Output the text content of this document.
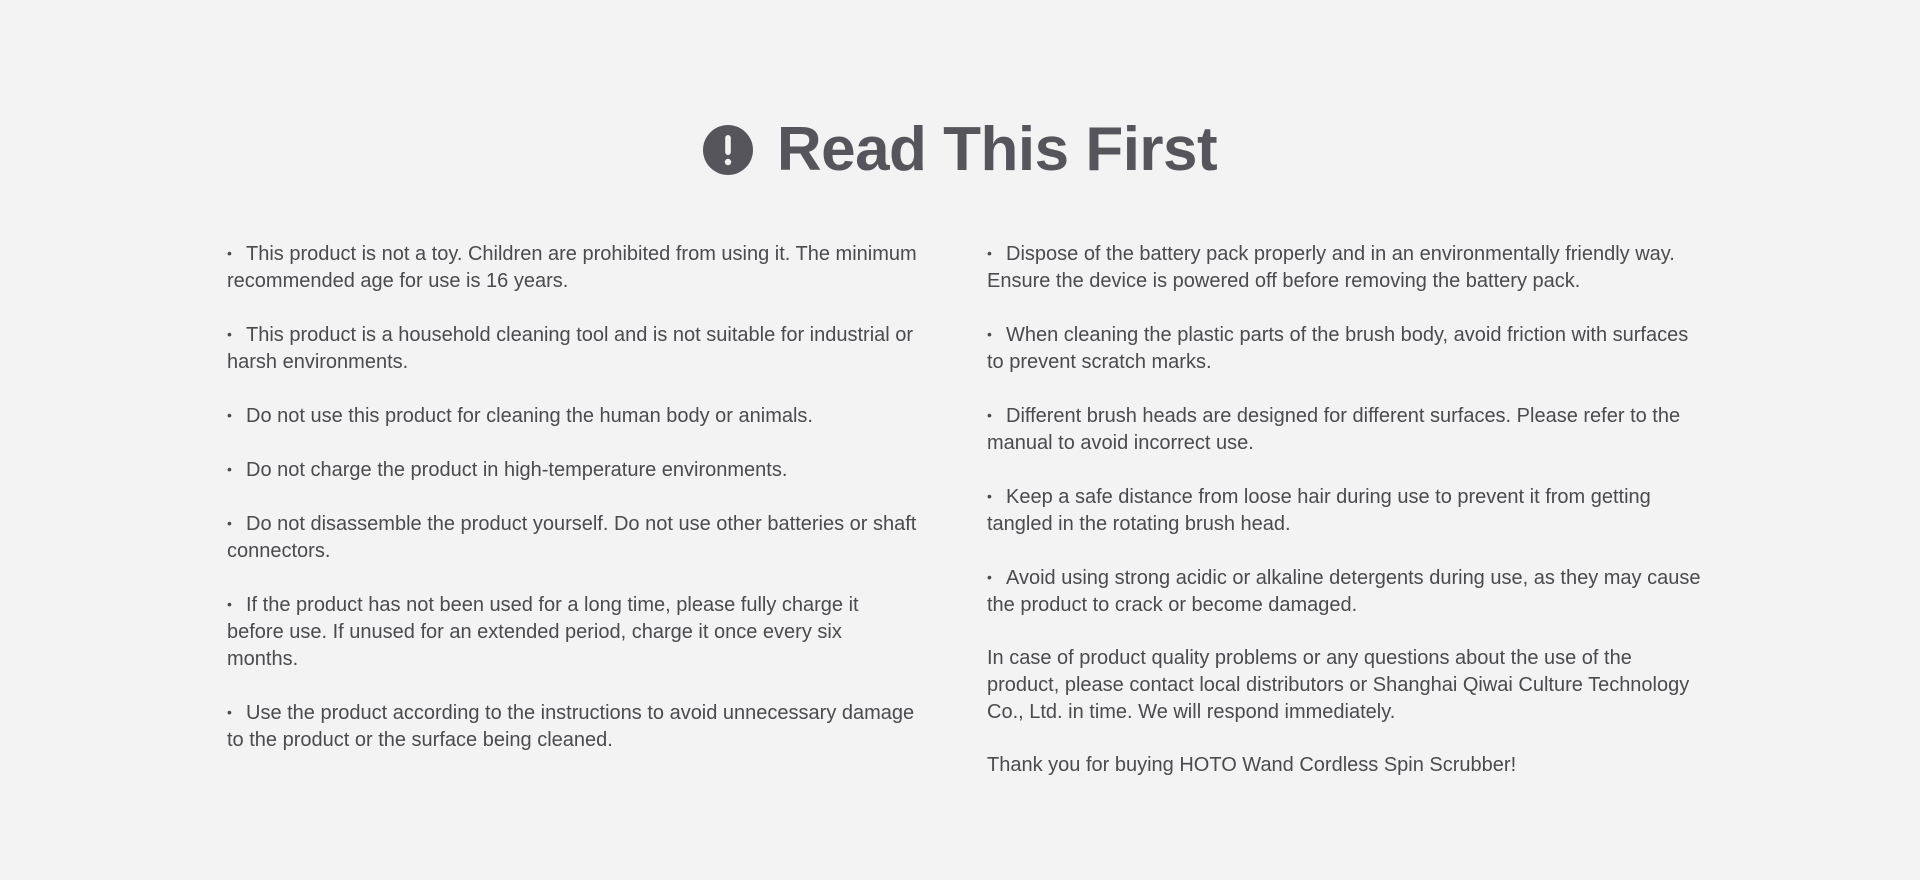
Read This First
• This product is not a toy. Children are prohibited from using it. The minimum recommended age for use is 16 years.
• This product is a household cleaning tool and is not suitable for industrial or harsh environments.
• Do not use this product for cleaning the human body or animals.
• Do not charge the product in high-temperature environments.
• Do not disassemble the product yourself. Do not use other batteries or shaft connectors.
• If the product has not been used for a long time, please fully charge it before use. If unused for an extended period, charge it once every six months.
• Use the product according to the instructions to avoid unnecessary damage to the product or the surface being cleaned.
• Dispose of the battery pack properly and in an environmentally friendly way. Ensure the device is powered off before removing the battery pack.
• When cleaning the plastic parts of the brush body, avoid friction with surfaces to prevent scratch marks.
• Different brush heads are designed for different surfaces. Please refer to the manual to avoid incorrect use.
• Keep a safe distance from loose hair during use to prevent it from getting tangled in the rotating brush head.
• Avoid using strong acidic or alkaline detergents during use, as they may cause the product to crack or become damaged.

In case of product quality problems or any questions about the use of the product, please contact local distributors or Shanghai Qiwai Culture Technology Co., Ltd. in time. We will respond immediately.

Thank you for buying HOTO Wand Cordless Spin Scrubber!
